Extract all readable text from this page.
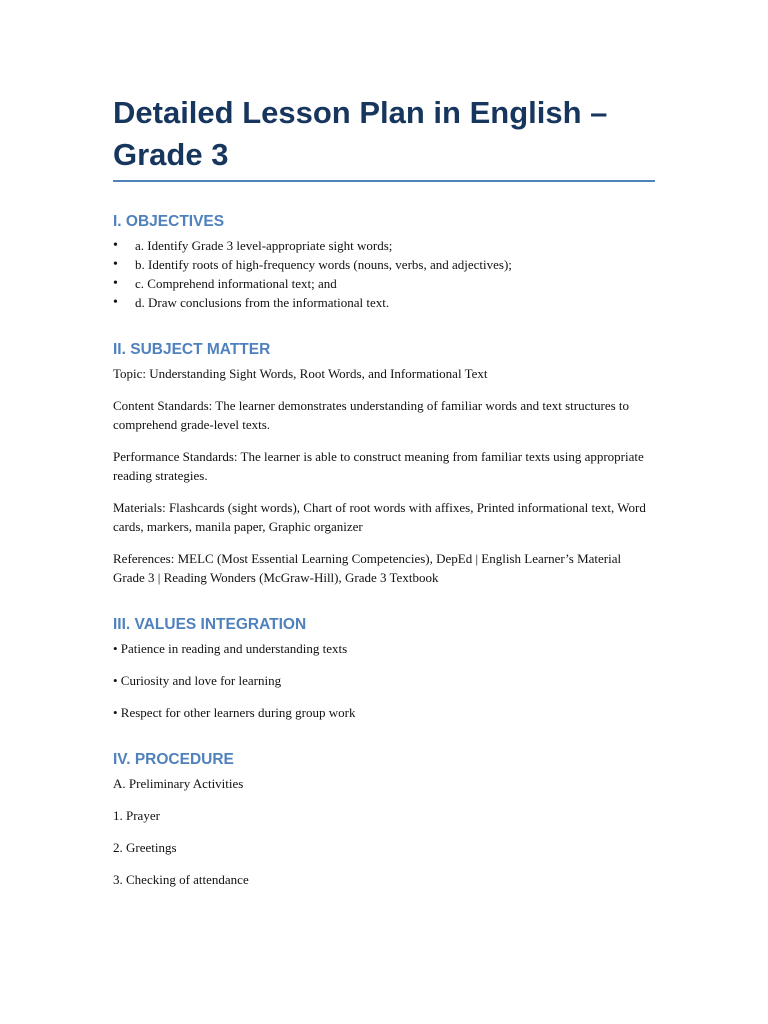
Detailed Lesson Plan in English – Grade 3
I. OBJECTIVES
• a. Identify Grade 3 level-appropriate sight words;
• b. Identify roots of high-frequency words (nouns, verbs, and adjectives);
• c. Comprehend informational text; and
• d. Draw conclusions from the informational text.
II. SUBJECT MATTER

Topic: Understanding Sight Words, Root Words, and Informational Text

Content Standards: The learner demonstrates understanding of familiar words and text structures to comprehend grade-level texts.

Performance Standards: The learner is able to construct meaning from familiar texts using appropriate reading strategies.

Materials: Flashcards (sight words), Chart of root words with affixes, Printed informational text, Word cards, markers, manila paper, Graphic organizer

References: MELC (Most Essential Learning Competencies), DepEd | English Learner’s Material Grade 3 | Reading Wonders (McGraw-Hill), Grade 3 Textbook

III. VALUES INTEGRATION

• Patience in reading and understanding texts

• Curiosity and love for learning

• Respect for other learners during group work

IV. PROCEDURE

A. Preliminary Activities

1. Prayer

2. Greetings

3. Checking of attendance
